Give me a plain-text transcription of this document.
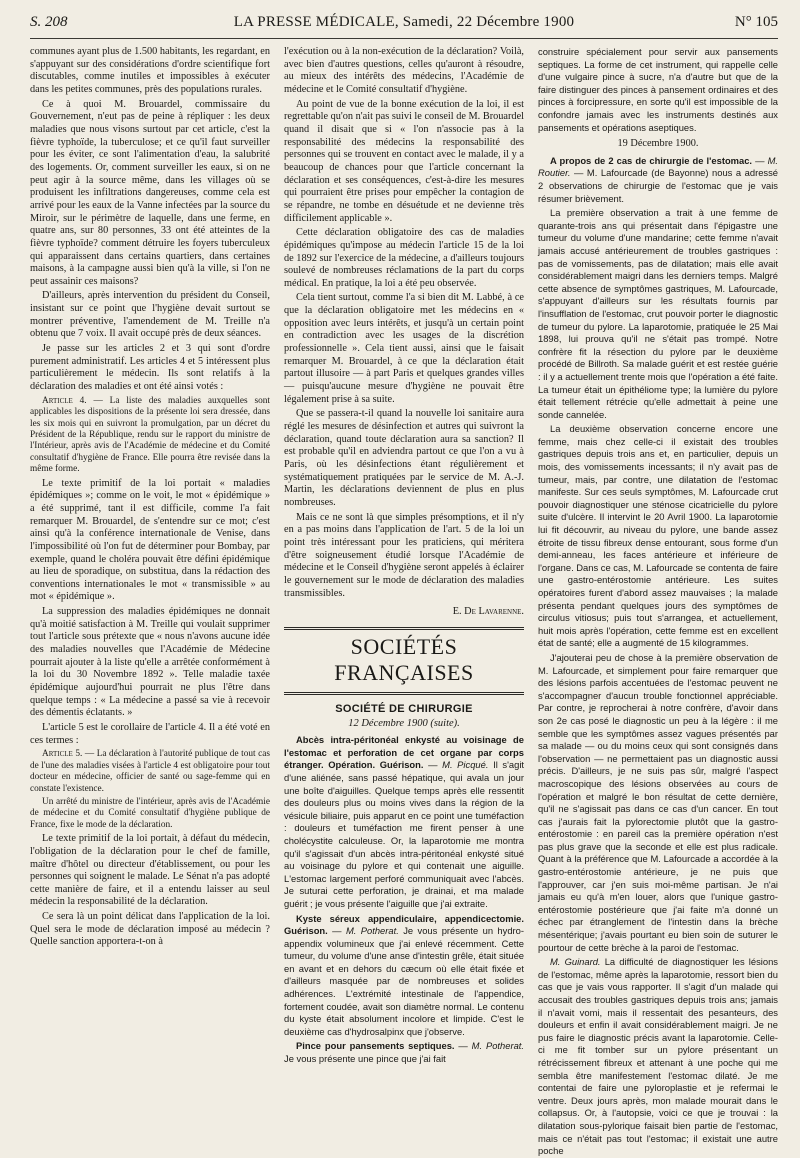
S. 208	LA PRESSE MÉDICALE, Samedi, 22 Décembre 1900	N° 105

communes ayant plus de 1.500 habitants, les regardant, en s'appuyant sur des considérations d'ordre scientifique fort discutables, comme inutiles et impossibles à exécuter dans les petites communes, près des populations rurales.

Ce à quoi M. Brouardel, commissaire du Gouvernement, n'eut pas de peine à répliquer : les deux maladies que nous visons surtout par cet article, c'est la fièvre typhoïde, la tuberculose; et ce qu'il faut surveiller pour les éviter, ce sont l'alimentation d'eau, la salubrité des logements. Or, comment surveiller les eaux, si on ne peut agir à la source même, dans les villages où se produisent les infiltrations dangereuses, comme cela est arrivé pour les eaux de la Vanne infectées par la source du Miroir, sur le périmètre de laquelle, dans une ferme, en quatre ans, sur 80 personnes, 33 ont été atteintes de la fièvre typhoïde? comment détruire les foyers tuberculeux qui apparaissent dans certains quartiers, dans certaines maisons, à la campagne aussi bien qu'à la ville, si l'on ne peut assainir ces maisons?

D'ailleurs, après intervention du président du Conseil, insistant sur ce point que l'hygiène devait surtout se montrer préventive, l'amendement de M. Treille n'a obtenu que 7 voix. Il avait occupé près de deux séances.

Je passe sur les articles 2 et 3 qui sont d'ordre purement administratif. Les articles 4 et 5 intéressent plus particulièrement le médecin. Ils sont relatifs à la déclaration des maladies et ont été ainsi votés :

Article 4. — La liste des maladies auxquelles sont applicables les dispositions de la présente loi sera dressée, dans les six mois qui en suivront la promulgation, par un décret du Président de la République, rendu sur le rapport du ministre de l'Intérieur, après avis de l'Académie de médecine et du Comité consultatif d'hygiène de France. Elle pourra être revisée dans la même forme.

Le texte primitif de la loi portait « maladies épidémiques »; comme on le voit, le mot « épidémique » a été supprimé, tant il est difficile, comme l'a fait remarquer M. Brouardel, de s'entendre sur ce mot; c'est ainsi qu'à la conférence internationale de Venise, dans l'impossibilité où l'on fut de déterminer pour Bombay, par exemple, quand le choléra pouvait être défini épidémique au lieu de sporadique, on substitua, dans la rédaction des conventions internationales le mot « transmissible » au mot « épidémique ».

La suppression des maladies épidémiques ne donnait qu'à moitié satisfaction à M. Treille qui voulait supprimer tout l'article sous prétexte que « nous n'avons aucune idée des maladies nouvelles que l'Académie de Médecine pourrait ajouter à la liste qu'elle a arrêtée conformément à la loi du 30 Novembre 1892 ». Telle maladie taxée épidémique aujourd'hui pourrait ne plus l'être dans quelque temps : « La médecine a passé sa vie à recevoir des démentis éclatants. »

L'article 5 est le corollaire de l'article 4. Il a été voté en ces termes :

Article 5. — La déclaration à l'autorité publique de tout cas de l'une des maladies visées à l'article 4 est obligatoire pour tout docteur en médecine, officier de santé ou sage-femme qui en constate l'existence.

Un arrêté du ministre de l'intérieur, après avis de l'Académie de médecine et du Comité consultatif d'hygiène publique de France, fixe le mode de la déclaration.

Le texte primitif de la loi portait, à défaut du médecin, l'obligation de la déclaration pour le chef de famille, maître d'hôtel ou directeur d'établissement, ou pour les personnes qui soignent le malade. Le Sénat n'a pas adopté cette manière de faire, et il a entendu laisser au seul médecin la responsabilité de la déclaration.

Ce sera là un point délicat dans l'application de la loi. Quel sera le mode de déclaration imposé au médecin ? Quelle sanction apportera-t-on à

l'exécution ou à la non-exécution de la déclaration? Voilà, avec bien d'autres questions, celles qu'auront à résoudre, au mieux des intérêts des médecins, l'Académie de médecine et le Comité consultatif d'hygiène.

Au point de vue de la bonne exécution de la loi, il est regrettable qu'on n'ait pas suivi le conseil de M. Brouardel quand il disait que si « l'on n'associe pas à la responsabilité des médecins la responsabilité des personnes qui se trouvent en contact avec le malade, il y a beaucoup de chances pour que l'article concernant la déclaration et ses conséquences, c'est-à-dire les mesures qui pourraient être prises pour empêcher la contagion de se répandre, ne tombe en désuétude et ne devienne très difficilement applicable ».

Cette déclaration obligatoire des cas de maladies épidémiques qu'impose au médecin l'article 15 de la loi de 1892 sur l'exercice de la médecine, a d'ailleurs toujours soulevé de nombreuses réclamations de la part du corps médical. En pratique, la loi a été peu observée.

Cela tient surtout, comme l'a si bien dit M. Labbé, à ce que la déclaration obligatoire met les médecins en « opposition avec leurs intérêts, et jusqu'à un certain point en contradiction avec les usages de la discrétion professionnelle ». Cela tient aussi, ainsi que le faisait remarquer M. Brouardel, à ce que la déclaration était partout illusoire — à part Paris et quelques grandes villes — puisqu'aucune mesure d'hygiène ne pouvait être légalement prise à sa suite.

Que se passera-t-il quand la nouvelle loi sanitaire aura réglé les mesures de désinfection et autres qui suivront la déclaration, quand toute déclaration aura sa sanction? Il est probable qu'il en adviendra partout ce que l'on a vu à Paris, où les désinfections étant régulièrement et systématiquement pratiquées par le service de M. A.-J. Martin, les déclarations deviennent de plus en plus nombreuses.

Mais ce ne sont là que simples présomptions, et il n'y en a pas moins dans l'application de l'art. 5 de la loi un point très intéressant pour les praticiens, qui méritera d'être soigneusement étudié lorsque l'Académie de médecine et le Conseil d'hygiène seront appelés à éclairer le gouvernement sur le mode de déclaration des maladies transmissibles.

E. De Lavarenne.

SOCIÉTÉS FRANÇAISES
SOCIÉTÉ DE CHIRURGIE

12 Décembre 1900 (suite).

Abcès intra-péritonéal enkysté au voisinage de l'estomac et perforation de cet organe par corps étranger. Opération. Guérison. — M. Picqué. Il s'agit d'une aliénée, sans passé hépatique, qui avala un jour une boîte d'aiguilles. Quelque temps après elle ressentit des douleurs plus ou moins vives dans la région de la vésicule biliaire, puis apparut en ce point une tuméfaction : douleurs et tuméfaction me firent penser à une cholécystite calculeuse. Or, la laparotomie me montra qu'il s'agissait d'un abcès intra-péritonéal enkysté situé au voisinage du pylore et qui contenait une aiguille. L'estomac largement perforé communiquait avec l'abcès. Je suturai cette perforation, je drainai, et ma malade guérit ; je vous présente l'aiguille que j'ai extraite.

Kyste séreux appendiculaire, appendicectomie. Guérison. — M. Potherat. Je vous présente un hydro-appendix volumineux que j'ai enlevé récemment. Cette tumeur, du volume d'une anse d'intestin grêle, était située en avant et en dehors du cæcum où elle était fixée et d'ailleurs masquée par de nombreuses et solides adhérences. L'extrémité intestinale de l'appendice, fortement coudée, avait son diamètre normal. Le contenu du kyste était absolument incolore et limpide. C'est le deuxième cas d'hydrosalpinx que j'observe.

Pince pour pansements septiques. — M. Potherat. Je vous présente une pince que j'ai fait

construire spécialement pour servir aux pansements septiques. La forme de cet instrument, qui rappelle celle d'une vulgaire pince à sucre, n'a d'autre but que de la faire distinguer des pinces à pansement ordinaires et des pinces à forcipressure, en sorte qu'il est impossible de la confondre jamais avec les instruments destinés aux pansements et opérations aseptiques.

19 Décembre 1900.

A propos de 2 cas de chirurgie de l'estomac. — M. Routier. — M. Lafourcade (de Bayonne) nous a adressé 2 observations de chirurgie de l'estomac que je vais résumer brièvement.

La première observation a trait à une femme de quarante-trois ans qui présentait dans l'épigastre une tumeur du volume d'une mandarine; cette femme n'avait jamais accusé antérieurement de troubles gastriques : pas de vomissements, pas de dilatation; mais elle avait considérablement maigri dans les derniers temps. Malgré cette absence de symptômes gastriques, M. Lafourcade, s'appuyant d'ailleurs sur les résultats fournis par l'insufflation de l'estomac, crut pouvoir porter le diagnostic de tumeur du pylore. La laparotomie, pratiquée le 25 Mai 1898, lui prouva qu'il ne s'était pas trompé. Notre confrère fit la résection du pylore par le deuxième procédé de Billroth. Sa malade guérit et est restée guérie : il y a actuellement trente mois que l'opération a été faite. La tumeur était un épithéliome type; la lumière du pylore était tellement rétrécie qu'elle admettait à peine une sonde cannelée.

La deuxième observation concerne encore une femme, mais chez celle-ci il existait des troubles gastriques depuis trois ans et, en particulier, depuis un mois, des vomissements incessants; il n'y avait pas de tumeur, mais, par contre, une dilatation de l'estomac manifeste. Sur ces seuls symptômes, M. Lafourcade crut pouvoir diagnostiquer une sténose cicatricielle du pylore suite d'ulcère. Il intervint le 20 Avril 1900. La laparotomie lui fit découvrir, au niveau du pylore, une bande assez étroite de tissu fibreux dense entourant, sous forme d'un demi-anneau, les faces antérieure et inférieure de l'organe. Dans ce cas, M. Lafourcade se contenta de faire une gastro-entérostomie antérieure. Les suites opératoires furent d'abord assez mauvaises ; la malade présenta pendant quelques jours des symptômes de circulus vitiosus; puis tout s'arrangea, et actuellement, huit mois après l'opération, cette femme est en excellent état de santé; elle a augmenté de 15 kilogrammes.

J'ajouterai peu de chose à la première observation de M. Lafourcade, et simplement pour faire remarquer que des lésions parfois accentuées de l'estomac peuvent ne s'accompagner d'aucun trouble fonctionnel appréciable. Par contre, je reprocherai à notre confrère, d'avoir dans son 2e cas posé le diagnostic un peu à la légère : il me semble que les symptômes assez vagues présentés par sa malade — ou du moins ceux qui sont consignés dans l'observation — ne permettaient pas un diagnostic aussi précis. D'ailleurs, je ne suis pas sûr, malgré l'aspect macroscopique des lésions observées au cours de l'opération et malgré le bon résultat de cette dernière, qu'il ne s'agissait pas dans ce cas d'un cancer. En tout cas j'aurais fait la pylorectomie plutôt que la gastro-entérostomie : en pareil cas la première opération n'est pas plus grave que la seconde et elle est plus radicale. Quant à la préférence que M. Lafourcade a accordée à la gastro-entérostomie antérieure, je ne puis que l'approuver, car j'en suis moi-même partisan. Je n'ai jamais eu qu'à m'en louer, alors que l'unique gastro-entérostomie postérieure que j'ai faite m'a donné un échec par étranglement de l'intestin dans la brèche mésentérique; j'avais pourtant eu bien soin de suturer le pourtour de cette brèche à la paroi de l'estomac.

M. Guinard. La difficulté de diagnostiquer les lésions de l'estomac, même après la laparotomie, ressort bien du cas que je vais vous rapporter. Il s'agit d'un malade qui accusait des troubles gastriques depuis trois ans; jamais il n'avait vomi, mais il ressentait des pesanteurs, des douleurs et enfin il avait considérablement maigri. Je ne pus faire le diagnostic précis avant la laparotomie. Celle-ci me fit tomber sur un pylore présentant un rétrécissement fibreux et attenant à une poche qui me sembla être manifestement l'estomac dilaté. Je me contentai de faire une pyloroplastie et je refermai le ventre. Deux jours après, mon malade mourait dans le collapsus. Or, à l'autopsie, voici ce que je trouvai : la dilatation sous-pylorique faisait bien partie de l'estomac, mais ce n'était pas tout l'estomac; il existait une autre poche
